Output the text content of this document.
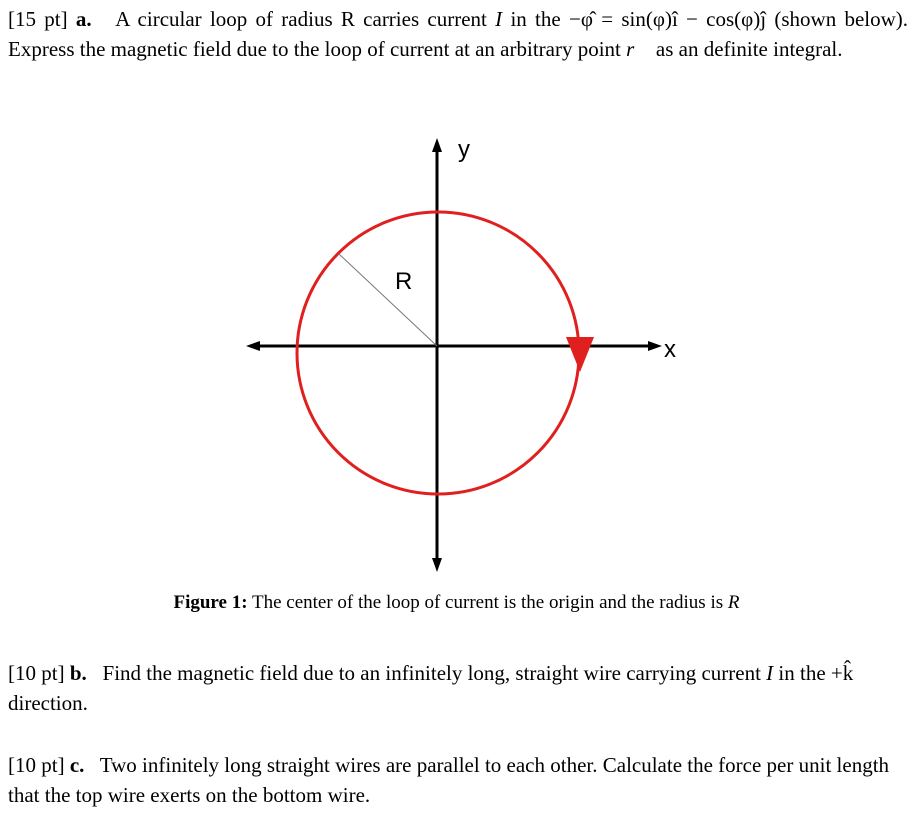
[15 pt] a. A circular loop of radius R carries current I in the −φ̂ = sin(φ)î − cos(φ)ĵ (shown below). Express the magnetic field due to the loop of current at an arbitrary point r⃗ as an definite integral.
y
x
R
Figure 1: The center of the loop of current is the origin and the radius is R
[10 pt] b. Find the magnetic field due to an infinitely long, straight wire carrying current I in the +k̂ direction.
[10 pt] c. Two infinitely long straight wires are parallel to each other. Calculate the force per unit length that the top wire exerts on the bottom wire.
